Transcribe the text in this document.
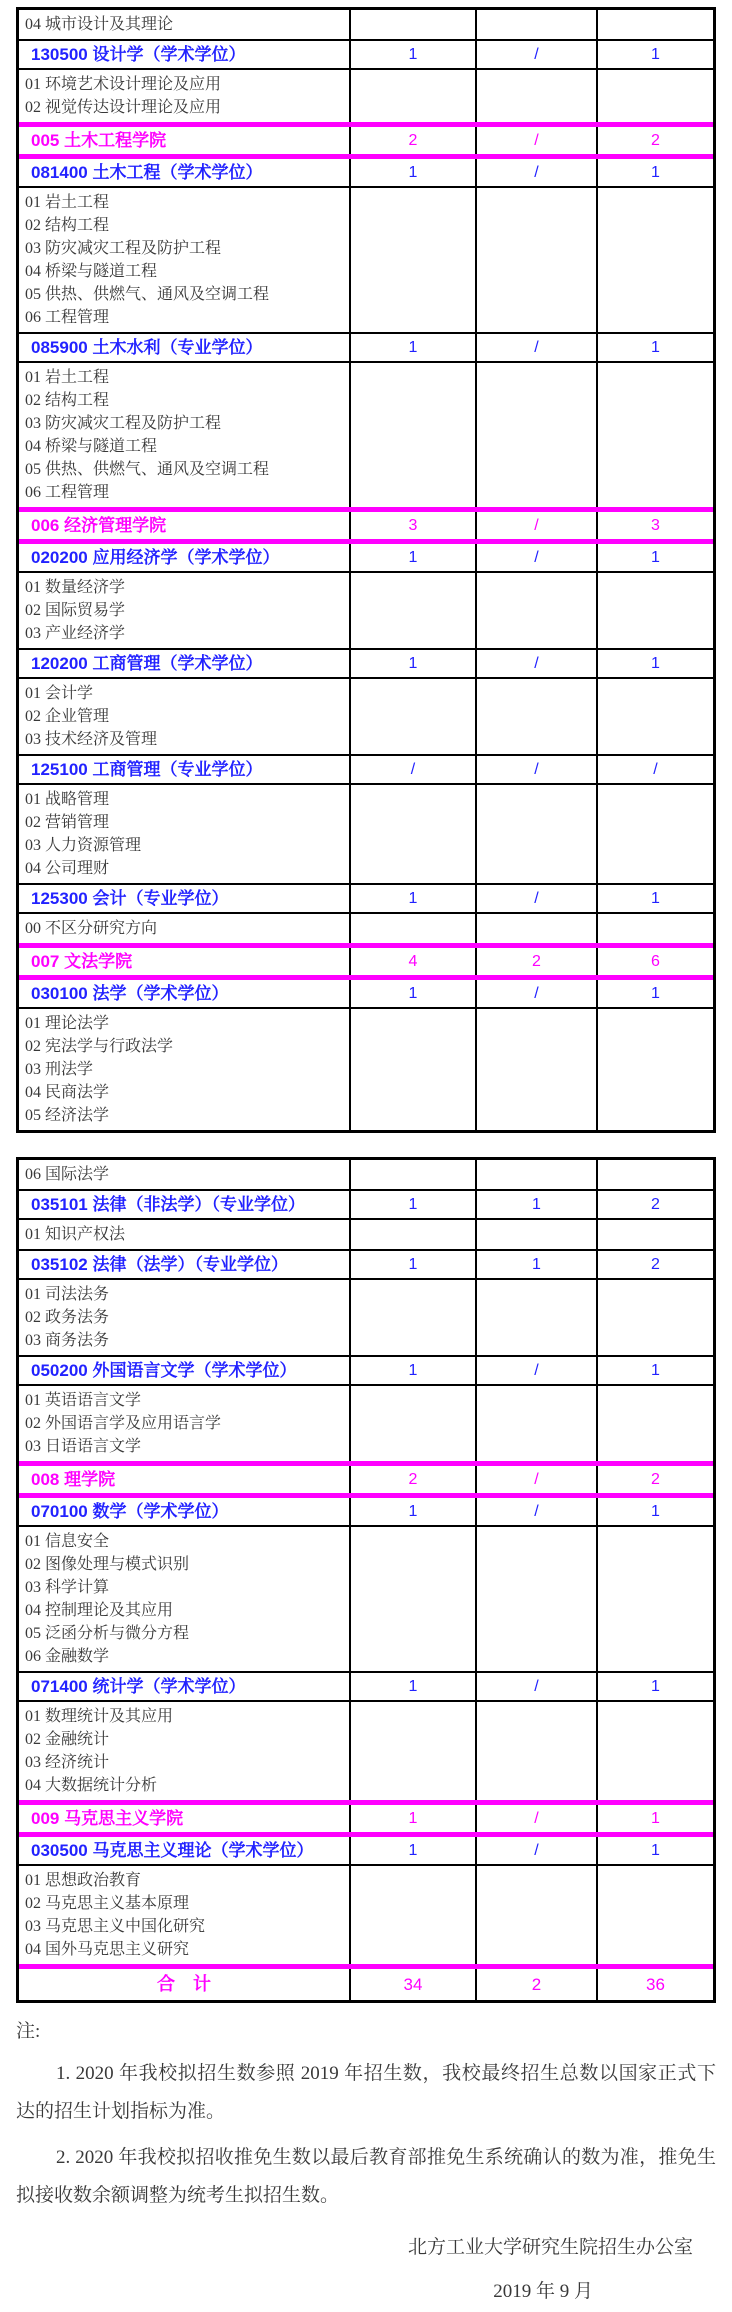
04 城市设计及其理论
130500 设计学（学术学位）	1	/	1
01 环境艺术设计理论及应用
02 视觉传达设计理论及应用
005 土木工程学院	2	/	2
081400 土木工程（学术学位）	1	/	1
01 岩土工程
02 结构工程
03 防灾减灾工程及防护工程
04 桥梁与隧道工程
05 供热、供燃气、通风及空调工程
06 工程管理
085900 土木水利（专业学位）	1	/	1
01 岩土工程
02 结构工程
03 防灾减灾工程及防护工程
04 桥梁与隧道工程
05 供热、供燃气、通风及空调工程
06 工程管理
006 经济管理学院	3	/	3
020200 应用经济学（学术学位）	1	/	1
01 数量经济学
02 国际贸易学
03 产业经济学
120200 工商管理（学术学位）	1	/	1
01 会计学
02 企业管理
03 技术经济及管理
125100 工商管理（专业学位）	/	/	/
01 战略管理
02 营销管理
03 人力资源管理
04 公司理财
125300 会计（专业学位）	1	/	1
00 不区分研究方向
007 文法学院	4	2	6
030100 法学（学术学位）	1	/	1
01 理论法学
02 宪法学与行政法学
03 刑法学
04 民商法学
05 经济法学
06 国际法学
035101 法律（非法学）（专业学位）	1	1	2
01 知识产权法
035102 法律（法学）（专业学位）	1	1	2
01 司法法务
02 政务法务
03 商务法务
050200 外国语言文学（学术学位）	1	/	1
01 英语语言文学
02 外国语言学及应用语言学
03 日语语言文学
008 理学院	2	/	2
070100 数学（学术学位）	1	/	1
01 信息安全
02 图像处理与模式识别
03 科学计算
04 控制理论及其应用
05 泛函分析与微分方程
06 金融数学
071400 统计学（学术学位）	1	/	1
01 数理统计及其应用
02 金融统计
03 经济统计
04 大数据统计分析
009 马克思主义学院	1	/	1
030500 马克思主义理论（学术学位）	1	/	1
01 思想政治教育
02 马克思主义基本原理
03 马克思主义中国化研究
04 国外马克思主义研究
合　计	34	2	36
注:

1. 2020 年我校拟招生数参照 2019 年招生数，我校最终招生总数以国家正式下达的招生计划指标为准。

2. 2020 年我校拟招收推免生数以最后教育部推免生系统确认的数为准，推免生拟接收数余额调整为统考生拟招生数。

北方工业大学研究生院招生办公室
2019 年 9 月
